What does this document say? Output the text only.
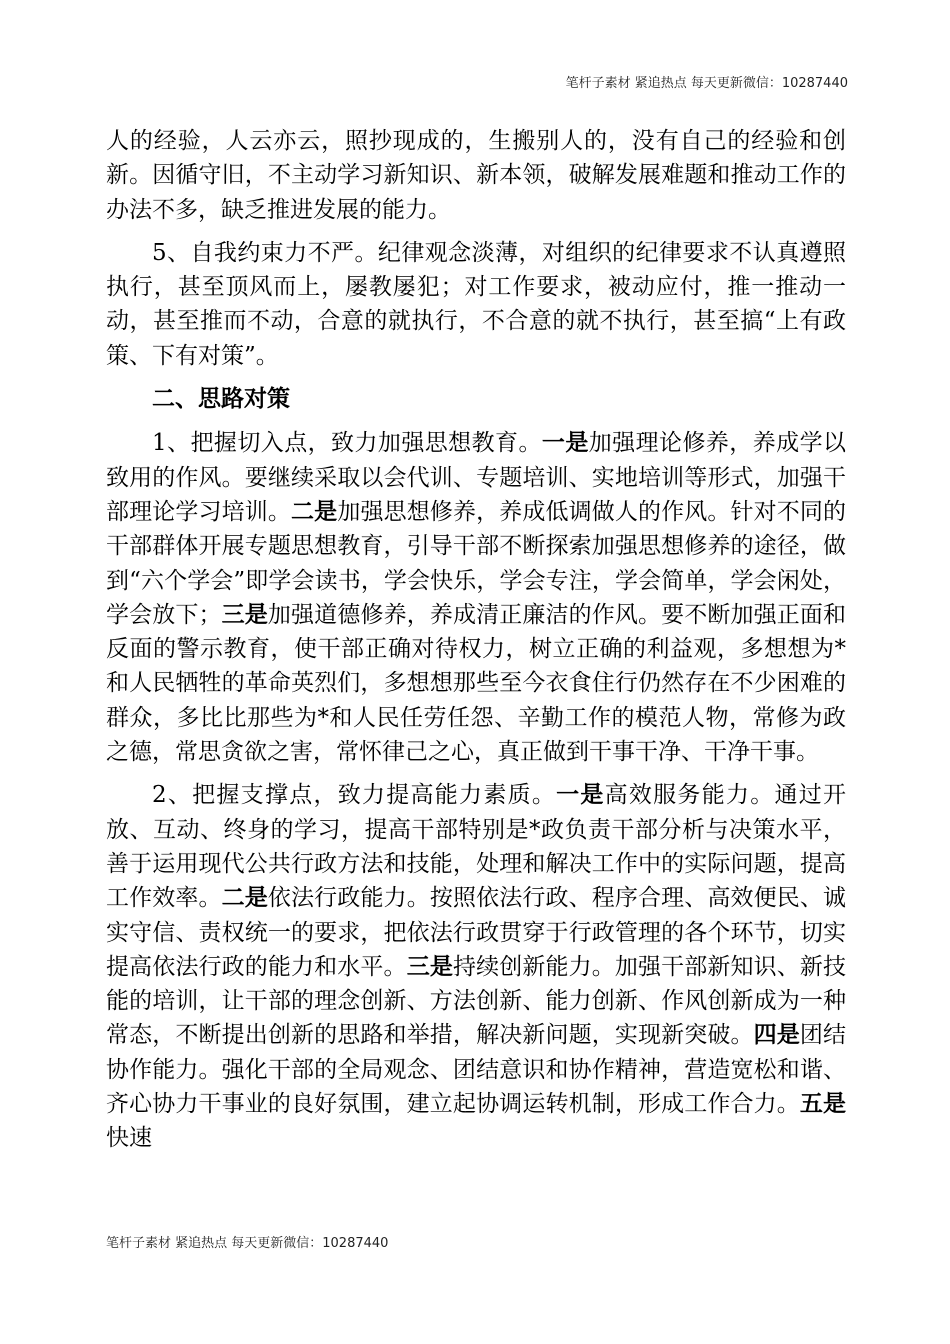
笔杆子素材 紧追热点 每天更新微信：10287440

人的经验，人云亦云，照抄现成的，生搬别人的，没有自己的经验和创新。因循守旧，不主动学习新知识、新本领，破解发展难题和推动工作的办法不多，缺乏推进发展的能力。

5、自我约束力不严。纪律观念淡薄，对组织的纪律要求不认真遵照执行，甚至顶风而上，屡教屡犯；对工作要求，被动应付，推一推动一动，甚至推而不动，合意的就执行，不合意的就不执行，甚至搞“上有政策、下有对策”。

二、思路对策

1、把握切入点，致力加强思想教育。一是加强理论修养，养成学以致用的作风。要继续采取以会代训、专题培训、实地培训等形式，加强干部理论学习培训。二是加强思想修养，养成低调做人的作风。针对不同的干部群体开展专题思想教育，引导干部不断探索加强思想修养的途径，做到“六个学会”即学会读书，学会快乐，学会专注，学会简单，学会闲处，学会放下；三是加强道德修养，养成清正廉洁的作风。要不断加强正面和反面的警示教育，使干部正确对待权力，树立正确的利益观，多想想为*和人民牺牲的革命英烈们，多想想那些至今衣食住行仍然存在不少困难的群众，多比比那些为*和人民任劳任怨、辛勤工作的模范人物，常修为政之德，常思贪欲之害，常怀律己之心，真正做到干事干净、干净干事。

2、把握支撑点，致力提高能力素质。一是高效服务能力。通过开放、互动、终身的学习，提高干部特别是*政负责干部分析与决策水平，善于运用现代公共行政方法和技能，处理和解决工作中的实际问题，提高工作效率。二是依法行政能力。按照依法行政、程序合理、高效便民、诚实守信、责权统一的要求，把依法行政贯穿于行政管理的各个环节，切实提高依法行政的能力和水平。三是持续创新能力。加强干部新知识、新技能的培训，让干部的理念创新、方法创新、能力创新、作风创新成为一种常态，不断提出创新的思路和举措，解决新问题，实现新突破。四是团结协作能力。强化干部的全局观念、团结意识和协作精神，营造宽松和谐、齐心协力干事业的良好氛围，建立起协调运转机制，形成工作合力。五是快速

笔杆子素材 紧追热点 每天更新微信：10287440
